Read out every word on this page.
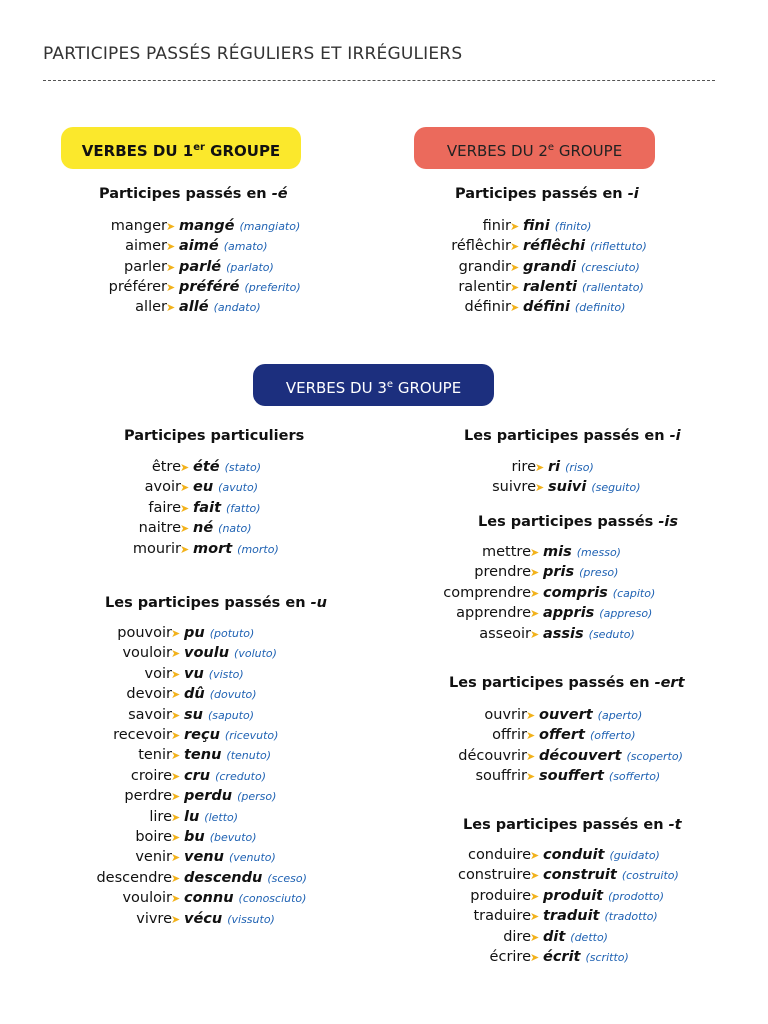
PARTICIPES PASSÉS RÉGULIERS ET IRRÉGULIERS
VERBES DU 1er GROUPE	VERBES DU 2e GROUPE
VERBES DU 3e GROUPE
Participes passés en -é
manger ➤ mangé (mangiato)
aimer ➤ aimé (amato)
parler ➤ parlé (parlato)
préférer ➤ préféré (preferito)
aller ➤ allé (andato)
Participes passés en -i
finir ➤ fini (finito)
réflêchir ➤ réflêchi (riflettuto)
grandir ➤ grandi (cresciuto)
ralentir ➤ ralenti (rallentato)
définir ➤ défini (definito)
Participes particuliers
être ➤ été (stato)
avoir ➤ eu (avuto)
faire ➤ fait (fatto)
naitre ➤ né (nato)
mourir ➤ mort (morto)
Les participes passés en -u
pouvoir ➤ pu (potuto)
vouloir ➤ voulu (voluto)
voir ➤ vu (visto)
devoir ➤ dû (dovuto)
savoir ➤ su (saputo)
recevoir ➤ reçu (ricevuto)
tenir ➤ tenu (tenuto)
croire ➤ cru (creduto)
perdre ➤ perdu (perso)
lire ➤ lu (letto)
boire ➤ bu (bevuto)
venir ➤ venu (venuto)
descendre ➤ descendu (sceso)
vouloir ➤ connu (conosciuto)
vivre ➤ vécu (vissuto)
Les participes passés en -i
rire ➤ ri (riso)
suivre ➤ suivi (seguito)
Les participes passés -is
mettre ➤ mis (messo)
prendre ➤ pris (preso)
comprendre ➤ compris (capito)
apprendre ➤ appris (appreso)
asseoir ➤ assis (seduto)
Les participes passés en -ert
ouvrir ➤ ouvert (aperto)
offrir ➤ offert (offerto)
découvrir ➤ découvert (scoperto)
souffrir ➤ souffert (sofferto)
Les participes passés en -t
conduire ➤ conduit (guidato)
construire ➤ construit (costruito)
produire ➤ produit (prodotto)
traduire ➤ traduit (tradotto)
dire ➤ dit (detto)
écrire ➤ écrit (scritto)
